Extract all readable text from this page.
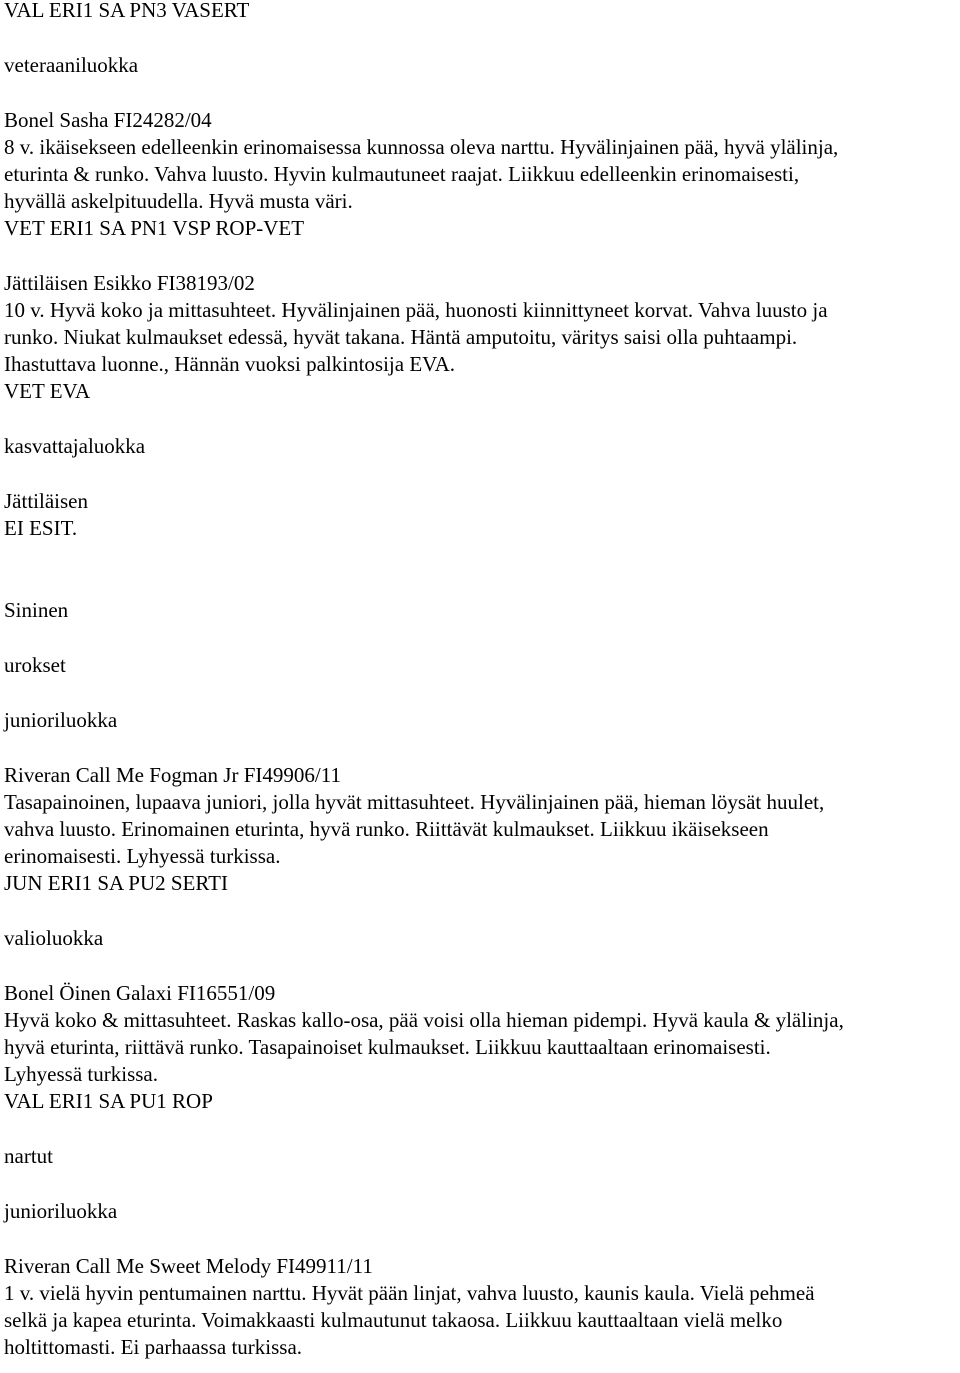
VAL ERI1 SA PN3 VASERT
veteraaniluokka
Bonel Sasha FI24282/04
8 v. ikäisekseen edelleenkin erinomaisessa kunnossa oleva narttu. Hyvälinjainen pää, hyvä ylälinja,
eturinta & runko. Vahva luusto. Hyvin kulmautuneet raajat. Liikkuu edelleenkin erinomaisesti,
hyvällä askelpituudella. Hyvä musta väri.
VET ERI1 SA PN1 VSP ROP-VET
Jättiläisen Esikko FI38193/02
10 v. Hyvä koko ja mittasuhteet. Hyvälinjainen pää, huonosti kiinnittyneet korvat. Vahva luusto ja
runko. Niukat kulmaukset edessä, hyvät takana. Häntä amputoitu, väritys saisi olla puhtaampi.
Ihastuttava luonne., Hännän vuoksi palkintosija EVA.
VET EVA
kasvattajaluokka
Jättiläisen
EI ESIT.
Sininen
urokset
junioriluokka
Riveran Call Me Fogman Jr FI49906/11
Tasapainoinen, lupaava juniori, jolla hyvät mittasuhteet. Hyvälinjainen pää, hieman löysät huulet,
vahva luusto. Erinomainen eturinta, hyvä runko. Riittävät kulmaukset. Liikkuu ikäisekseen
erinomaisesti. Lyhyessä turkissa.
JUN ERI1 SA PU2 SERTI
valioluokka
Bonel Öinen Galaxi FI16551/09
Hyvä koko & mittasuhteet. Raskas kallo-osa, pää voisi olla hieman pidempi. Hyvä kaula & ylälinja,
hyvä eturinta, riittävä runko. Tasapainoiset kulmaukset. Liikkuu kauttaaltaan erinomaisesti.
Lyhyessä turkissa.
VAL ERI1 SA PU1 ROP
nartut
junioriluokka
Riveran Call Me Sweet Melody FI49911/11
1 v. vielä hyvin pentumainen narttu. Hyvät pään linjat, vahva luusto, kaunis kaula. Vielä pehmeä
selkä ja kapea eturinta. Voimakkaasti kulmautunut takaosa. Liikkuu kauttaaltaan vielä melko
holtittomasti. Ei parhaassa turkissa.
